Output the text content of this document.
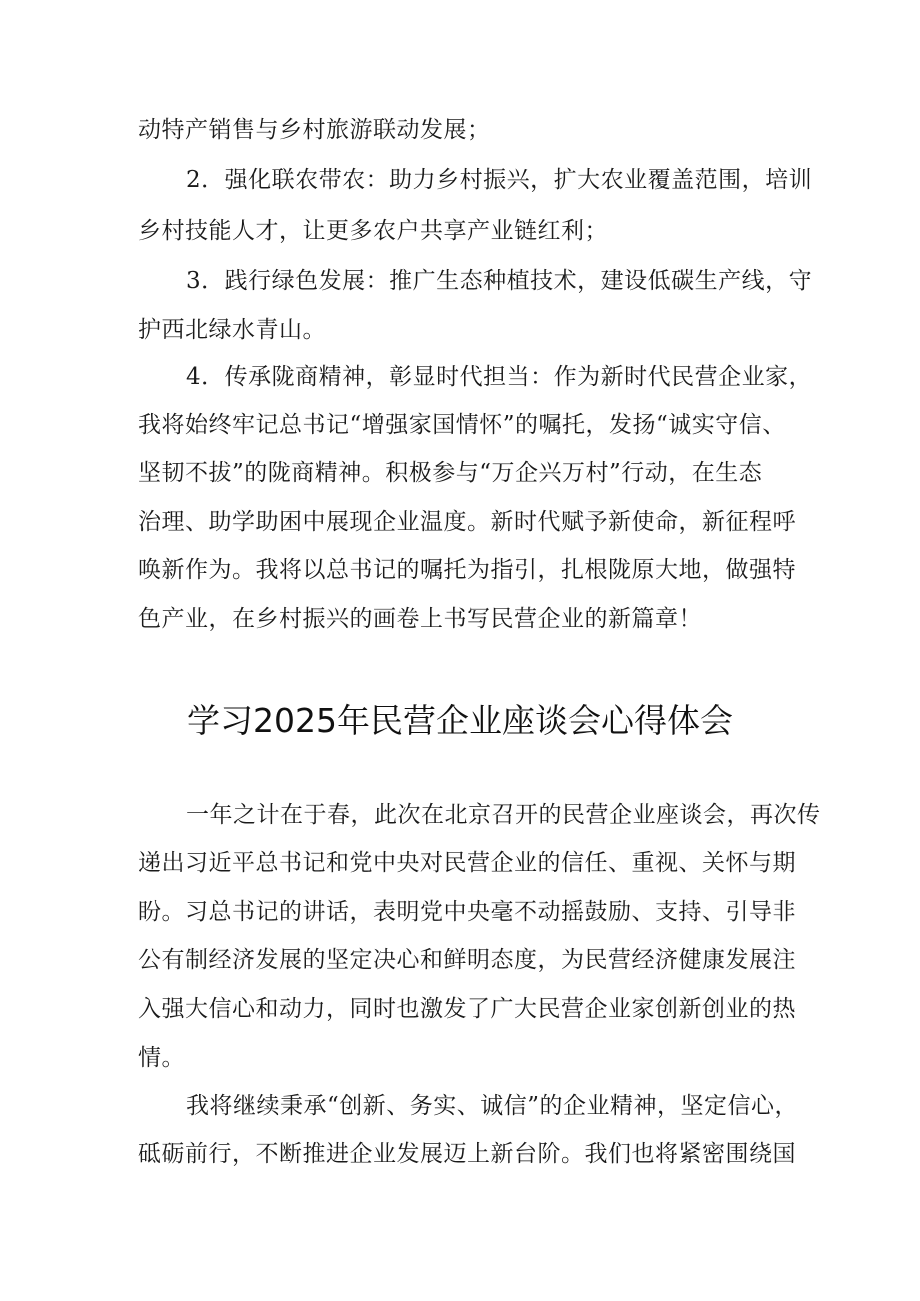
动特产销售与乡村旅游联动发展；
2．强化联农带农：助力乡村振兴，扩大农业覆盖范围，培训
乡村技能人才，让更多农户共享产业链红利；
3．践行绿色发展：推广生态种植技术，建设低碳生产线，守
护西北绿水青山。
4．传承陇商精神，彰显时代担当：作为新时代民营企业家，
我将始终牢记总书记“增强家国情怀”的嘱托，发扬“诚实守信、
坚韧不拔”的陇商精神。积极参与“万企兴万村”行动，在生态
治理、助学助困中展现企业温度。新时代赋予新使命，新征程呼
唤新作为。我将以总书记的嘱托为指引，扎根陇原大地，做强特
色产业，在乡村振兴的画卷上书写民营企业的新篇章！
学习2025年民营企业座谈会心得体会
一年之计在于春，此次在北京召开的民营企业座谈会，再次传
递出习近平总书记和党中央对民营企业的信任、重视、关怀与期
盼。习总书记的讲话，表明党中央毫不动摇鼓励、支持、引导非
公有制经济发展的坚定决心和鲜明态度，为民营经济健康发展注
入强大信心和动力，同时也激发了广大民营企业家创新创业的热
情。
我将继续秉承“创新、务实、诚信”的企业精神，坚定信心，
砥砺前行，不断推进企业发展迈上新台阶。我们也将紧密围绕国
